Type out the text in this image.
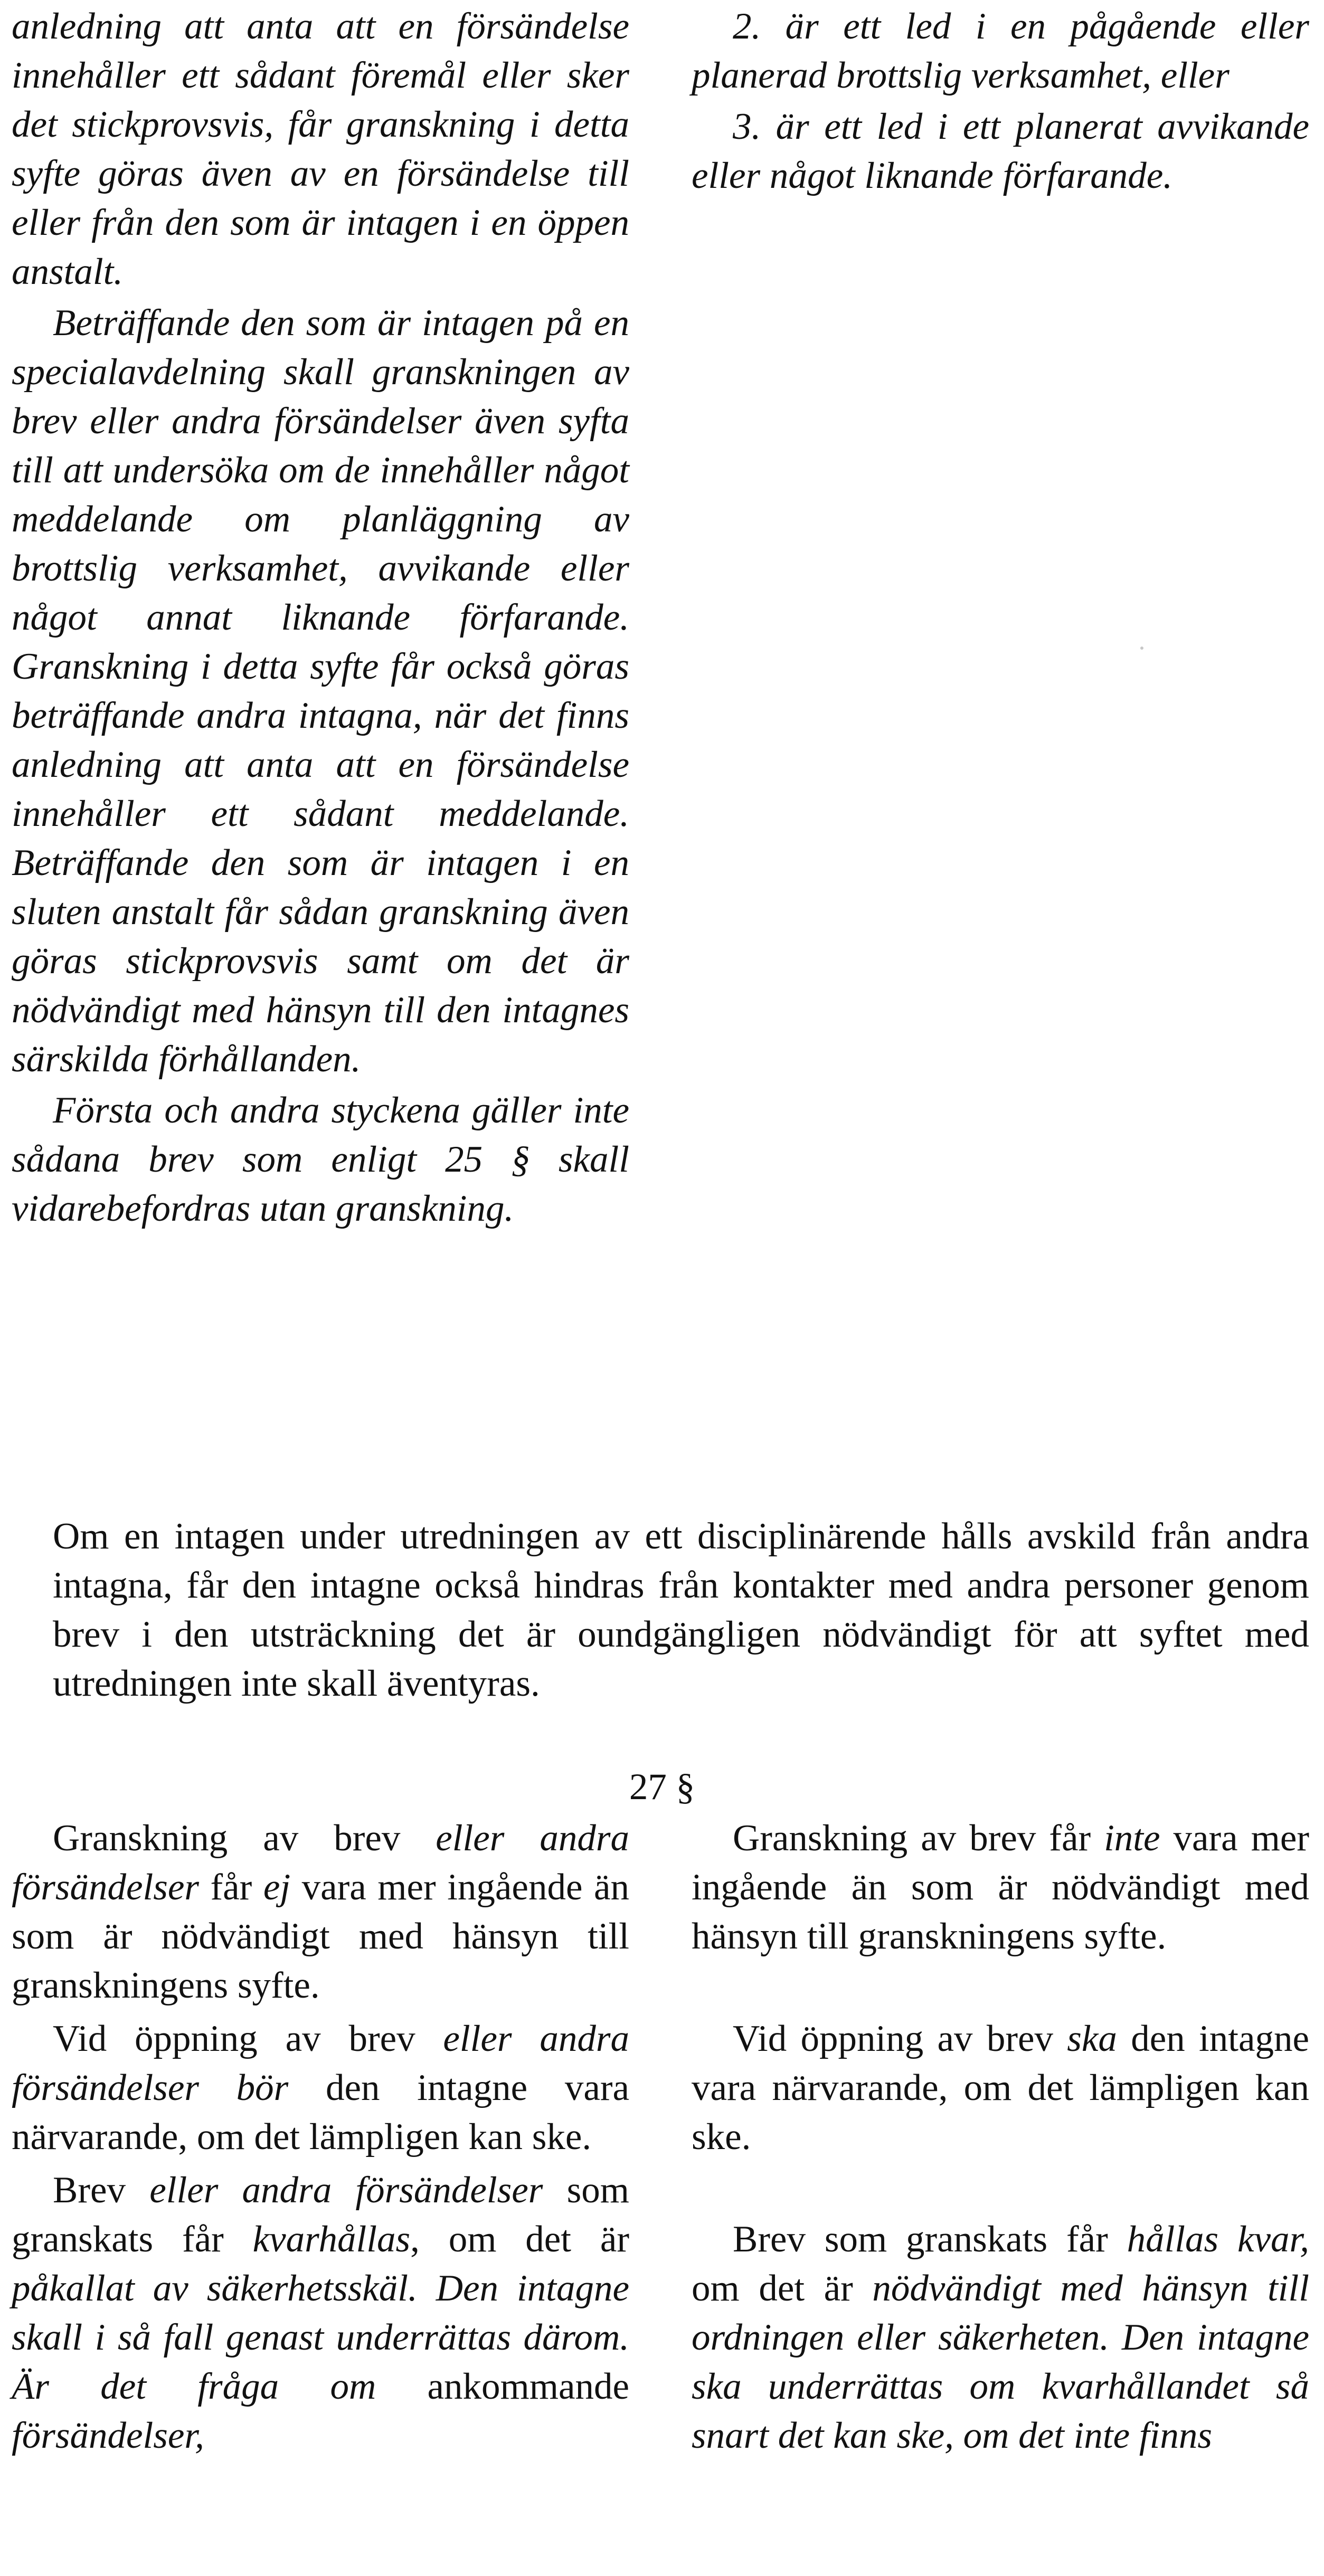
anledning att anta att en försändelse innehåller ett sådant föremål eller sker det stickprovsvis, får granskning i detta syfte göras även av en försändelse till eller från den som är intagen i en öppen anstalt.

Beträffande den som är intagen på en specialavdelning skall granskningen av brev eller andra försändelser även syfta till att undersöka om de innehåller något meddelande om planläggning av brottslig verksamhet, avvikande eller något annat liknande förfarande. Granskning i detta syfte får också göras beträffande andra intagna, när det finns anledning att anta att en försändelse innehåller ett sådant meddelande. Beträffande den som är intagen i en sluten anstalt får sådan granskning även göras stickprovsvis samt om det är nödvändigt med hänsyn till den intagnes särskilda förhållanden.

Första och andra styckena gäller inte sådana brev som enligt 25 § skall vidarebefordras utan granskning.

2. är ett led i en pågående eller planerad brottslig verksamhet, eller

3. är ett led i ett planerat avvikande eller något liknande förfarande.

Om en intagen under utredningen av ett disciplinärende hålls avskild från andra intagna, får den intagne också hindras från kontakter med andra personer genom brev i den utsträckning det är oundgängligen nödvändigt för att syftet med utredningen inte skall äventyras.

27 §

Granskning av brev eller andra försändelser får ej vara mer ingående än som är nödvändigt med hänsyn till granskningens syfte.

Vid öppning av brev eller andra försändelser bör den intagne vara närvarande, om det lämpligen kan ske.

Brev eller andra försändelser som granskats får kvarhållas, om det är påkallat av säkerhetsskäl. Den intagne skall i så fall genast underrättas därom. Är det fråga om ankommande försändelser,

Granskning av brev får inte vara mer ingående än som är nödvändigt med hänsyn till granskningens syfte.

Vid öppning av brev ska den intagne vara närvarande, om det lämpligen kan ske.

Brev som granskats får hållas kvar, om det är nödvändigt med hänsyn till ordningen eller säkerheten. Den intagne ska underrättas om kvarhållandet så snart det kan ske, om det inte finns
